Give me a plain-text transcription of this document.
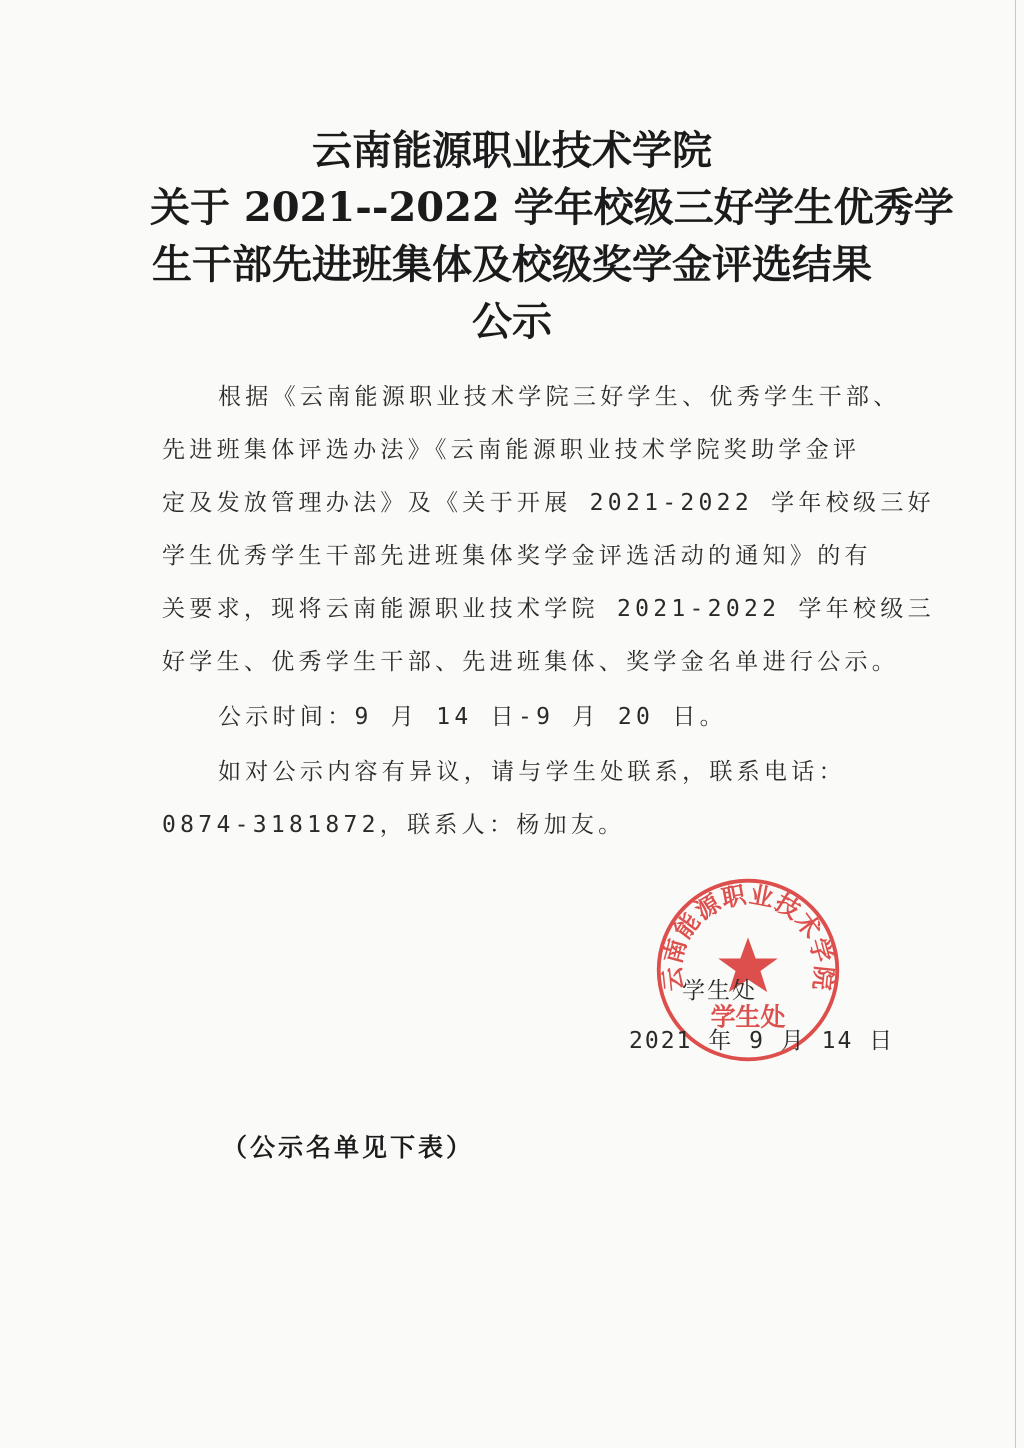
云南能源职业技术学院
关于 2021--2022 学年校级三好学生优秀学
生干部先进班集体及校级奖学金评选结果
公示
根据《云南能源职业技术学院三好学生、优秀学生干部、
先进班集体评选办法》《云南能源职业技术学院奖助学金评
定及发放管理办法》及《关于开展 2021-2022 学年校级三好
学生优秀学生干部先进班集体奖学金评选活动的通知》的有
关要求，现将云南能源职业技术学院 2021-2022 学年校级三
好学生、优秀学生干部、先进班集体、奖学金名单进行公示。
公示时间：9 月 14 日-9 月 20 日。
如对公示内容有异议，请与学生处联系，联系电话：
0874-3181872，联系人：杨加友。
云南能源职业技术学院
学生处
学生处
2021 年 9 月 14 日
（公示名单见下表）
